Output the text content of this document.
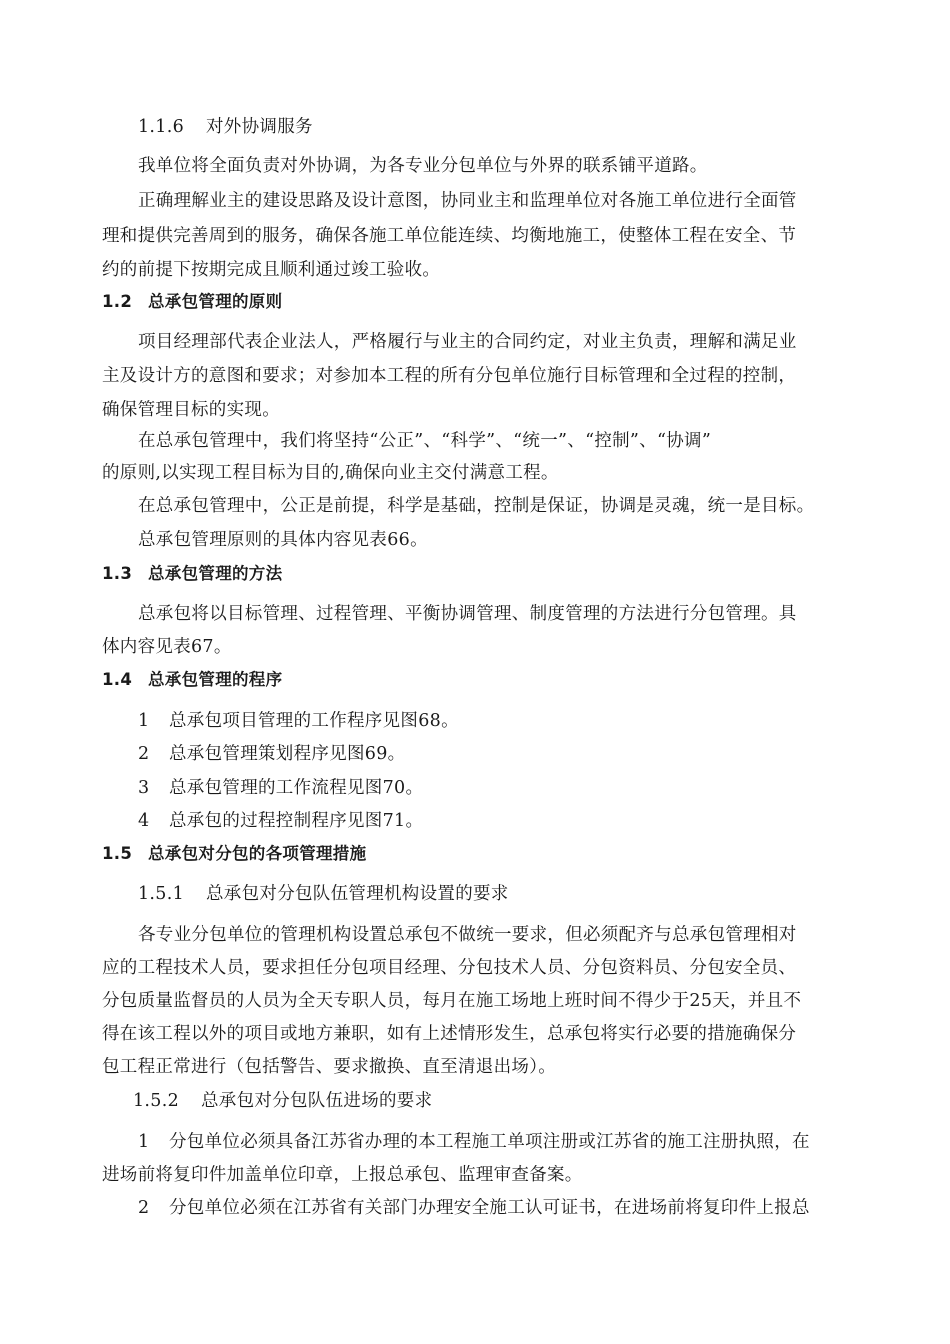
1.1.6 对外协调服务
我单位将全面负责对外协调，为各专业分包单位与外界的联系铺平道路。
正确理解业主的建设思路及设计意图，协同业主和监理单位对各施工单位进行全面管
理和提供完善周到的服务，确保各施工单位能连续、均衡地施工，使整体工程在安全、节
约的前提下按期完成且顺利通过竣工验收。
1.2 总承包管理的原则
项目经理部代表企业法人，严格履行与业主的合同约定，对业主负责，理解和满足业
主及设计方的意图和要求；对参加本工程的所有分包单位施行目标管理和全过程的控制，
确保管理目标的实现。
在总承包管理中，我们将坚持“公正”、“科学”、“统一”、“控制”、“协调”
的原则,以实现工程目标为目的,确保向业主交付满意工程。
在总承包管理中，公正是前提，科学是基础，控制是保证，协调是灵魂，统一是目标。
总承包管理原则的具体内容见表66。
1.3 总承包管理的方法
总承包将以目标管理、过程管理、平衡协调管理、制度管理的方法进行分包管理。具
体内容见表67。
1.4 总承包管理的程序
1 总承包项目管理的工作程序见图68。
2 总承包管理策划程序见图69。
3 总承包管理的工作流程见图70。
4 总承包的过程控制程序见图71。
1.5 总承包对分包的各项管理措施
1.5.1 总承包对分包队伍管理机构设置的要求
各专业分包单位的管理机构设置总承包不做统一要求，但必须配齐与总承包管理相对
应的工程技术人员，要求担任分包项目经理、分包技术人员、分包资料员、分包安全员、
分包质量监督员的人员为全天专职人员，每月在施工场地上班时间不得少于25天，并且不
得在该工程以外的项目或地方兼职，如有上述情形发生，总承包将实行必要的措施确保分
包工程正常进行（包括警告、要求撤换、直至清退出场）。
1.5.2 总承包对分包队伍进场的要求
1 分包单位必须具备江苏省办理的本工程施工单项注册或江苏省的施工注册执照，在
进场前将复印件加盖单位印章，上报总承包、监理审查备案。
2 分包单位必须在江苏省有关部门办理安全施工认可证书，在进场前将复印件上报总
